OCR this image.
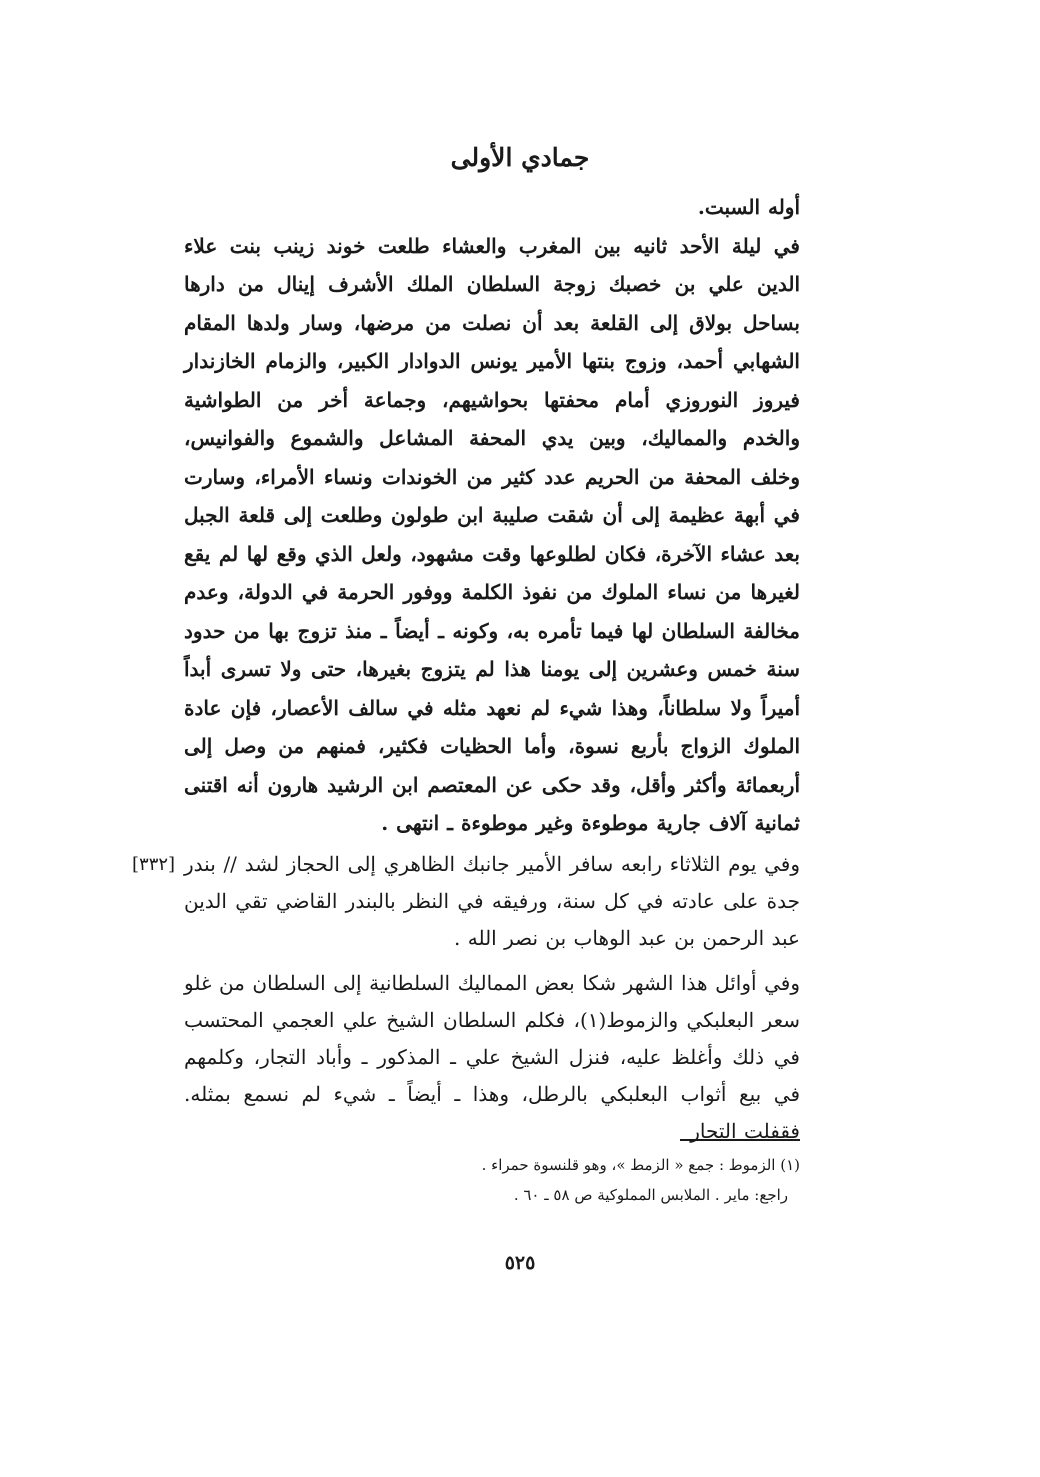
جمادي الأولى

أوله السبت.

في ليلة الأحد ثانيه بين المغرب والعشاء طلعت خوند زينب بنت علاء الدين علي بن خصبك زوجة السلطان الملك الأشرف إينال من دارها بساحل بولاق إلى القلعة بعد أن نصلت من مرضها، وسار ولدها المقام الشهابي أحمد، وزوج بنتها الأمير يونس الدوادار الكبير، والزمام الخازندار فيروز النوروزي أمام محفتها بحواشيهم، وجماعة أخر من الطواشية والخدم والمماليك، وبين يدي المحفة المشاعل والشموع والفوانيس، وخلف المحفة من الحريم عدد كثير من الخوندات ونساء الأمراء، وسارت في أبهة عظيمة إلى أن شقت صليبة ابن طولون وطلعت إلى قلعة الجبل بعد عشاء الآخرة، فكان لطلوعها وقت مشهود، ولعل الذي وقع لها لم يقع لغيرها من نساء الملوك من نفوذ الكلمة ووفور الحرمة في الدولة، وعدم مخالفة السلطان لها فيما تأمره به، وكونه ـ أيضاً ـ منذ تزوج بها من حدود سنة خمس وعشرين إلى يومنا هذا لم يتزوج بغيرها، حتى ولا تسرى أبداً أميراً ولا سلطاناً، وهذا شيء لم نعهد مثله في سالف الأعصار، فإن عادة الملوك الزواج بأربع نسوة، وأما الحظيات فكثير، فمنهم من وصل إلى أربعمائة وأكثر وأقل، وقد حكى عن المعتصم ابن الرشيد هارون أنه اقتنى ثمانية آلاف جارية موطوءة وغير موطوءة ـ انتهى .

[٣٣٢] وفي يوم الثلاثاء رابعه سافر الأمير جانبك الظاهري إلى الحجاز لشد // بندر جدة على عادته في كل سنة، ورفيقه في النظر بالبندر القاضي تقي الدين عبد الرحمن بن عبد الوهاب بن نصر الله .

وفي أوائل هذا الشهر شكا بعض المماليك السلطانية إلى السلطان من غلو سعر البعلبكي والزموط(١)، فكلم السلطان الشيخ علي العجمي المحتسب في ذلك وأغلظ عليه، فنزل الشيخ علي ـ المذكور ـ وأباد التجار، وكلمهم في بيع أثواب البعلبكي بالرطل، وهذا ـ أيضاً ـ شيء لم نسمع بمثله. فقفلت التجار

(١) الزموط : جمع « الزمط »، وهو قلنسوة حمراء .

راجع: ماير . الملابس المملوكية ص ٥٨ ـ ٦٠ .

٥٢٥
